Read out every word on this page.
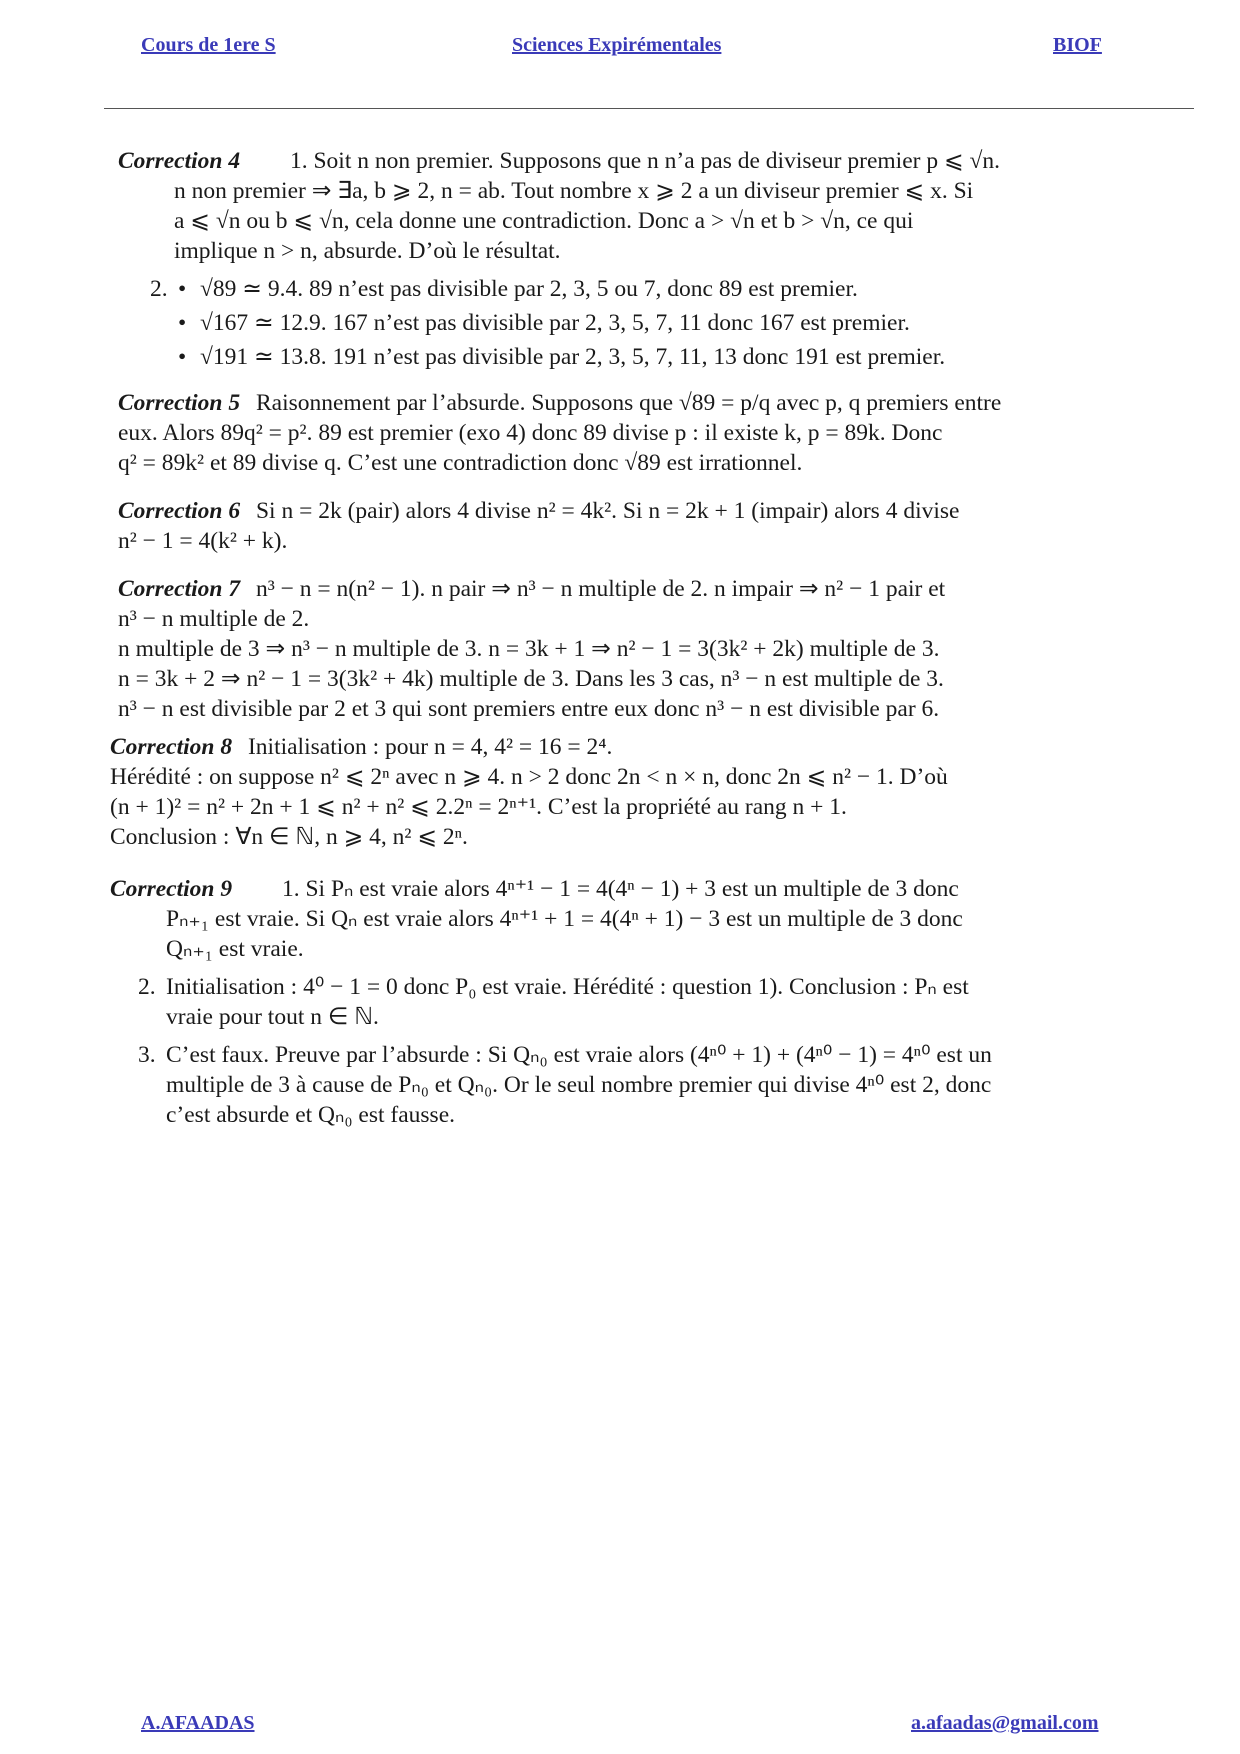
Cours de 1ere S	Sciences Expirémentales	BIOF

Correction 4 1. Soit n non premier. Supposons que n n’a pas de diviseur premier p ⩽ √n.

n non premier ⇒ ∃a, b ⩾ 2, n = ab. Tout nombre x ⩾ 2 a un diviseur premier ⩽ x. Si

a ⩽ √n ou b ⩽ √n, cela donne une contradiction. Donc a > √n et b > √n, ce qui

implique n > n, absurde. D’où le résultat.

2. • √89 ≃ 9.4. 89 n’est pas divisible par 2, 3, 5 ou 7, donc 89 est premier.
• √167 ≃ 12.9. 167 n’est pas divisible par 2, 3, 5, 7, 11 donc 167 est premier.
• √191 ≃ 13.8. 191 n’est pas divisible par 2, 3, 5, 7, 11, 13 donc 191 est premier.

Correction 5 Raisonnement par l’absurde. Supposons que √89 = p/q avec p, q premiers entre

eux. Alors 89q² = p². 89 est premier (exo 4) donc 89 divise p : il existe k, p = 89k. Donc

q² = 89k² et 89 divise q. C’est une contradiction donc √89 est irrationnel.

Correction 6 Si n = 2k (pair) alors 4 divise n² = 4k². Si n = 2k + 1 (impair) alors 4 divise

n² − 1 = 4(k² + k).

Correction 7 n³ − n = n(n² − 1). n pair ⇒ n³ − n multiple de 2. n impair ⇒ n² − 1 pair et

n³ − n multiple de 2.

n multiple de 3 ⇒ n³ − n multiple de 3. n = 3k + 1 ⇒ n² − 1 = 3(3k² + 2k) multiple de 3.

n = 3k + 2 ⇒ n² − 1 = 3(3k² + 4k) multiple de 3. Dans les 3 cas, n³ − n est multiple de 3.

n³ − n est divisible par 2 et 3 qui sont premiers entre eux donc n³ − n est divisible par 6.

Correction 8 Initialisation : pour n = 4, 4² = 16 = 2⁴.

Hérédité : on suppose n² ⩽ 2ⁿ avec n ⩾ 4. n > 2 donc 2n < n × n, donc 2n ⩽ n² − 1. D’où

(n + 1)² = n² + 2n + 1 ⩽ n² + n² ⩽ 2.2ⁿ = 2ⁿ⁺¹. C’est la propriété au rang n + 1.

Conclusion : ∀n ∈ ℕ, n ⩾ 4, n² ⩽ 2ⁿ.

Correction 9 1. Si Pₙ est vraie alors 4ⁿ⁺¹ − 1 = 4(4ⁿ − 1) + 3 est un multiple de 3 donc

Pₙ₊₁ est vraie. Si Qₙ est vraie alors 4ⁿ⁺¹ + 1 = 4(4ⁿ + 1) − 3 est un multiple de 3 donc

Qₙ₊₁ est vraie.

2. Initialisation : 4⁰ − 1 = 0 donc P₀ est vraie. Hérédité : question 1). Conclusion : Pₙ est

vraie pour tout n ∈ ℕ.

3. C’est faux. Preuve par l’absurde : Si Qₙ₀ est vraie alors (4ⁿ⁰ + 1) + (4ⁿ⁰ − 1) = 4ⁿ⁰ est un

multiple de 3 à cause de Pₙ₀ et Qₙ₀. Or le seul nombre premier qui divise 4ⁿ⁰ est 2, donc

c’est absurde et Qₙ₀ est fausse.

A.AFAADAS	a.afaadas@gmail.com
